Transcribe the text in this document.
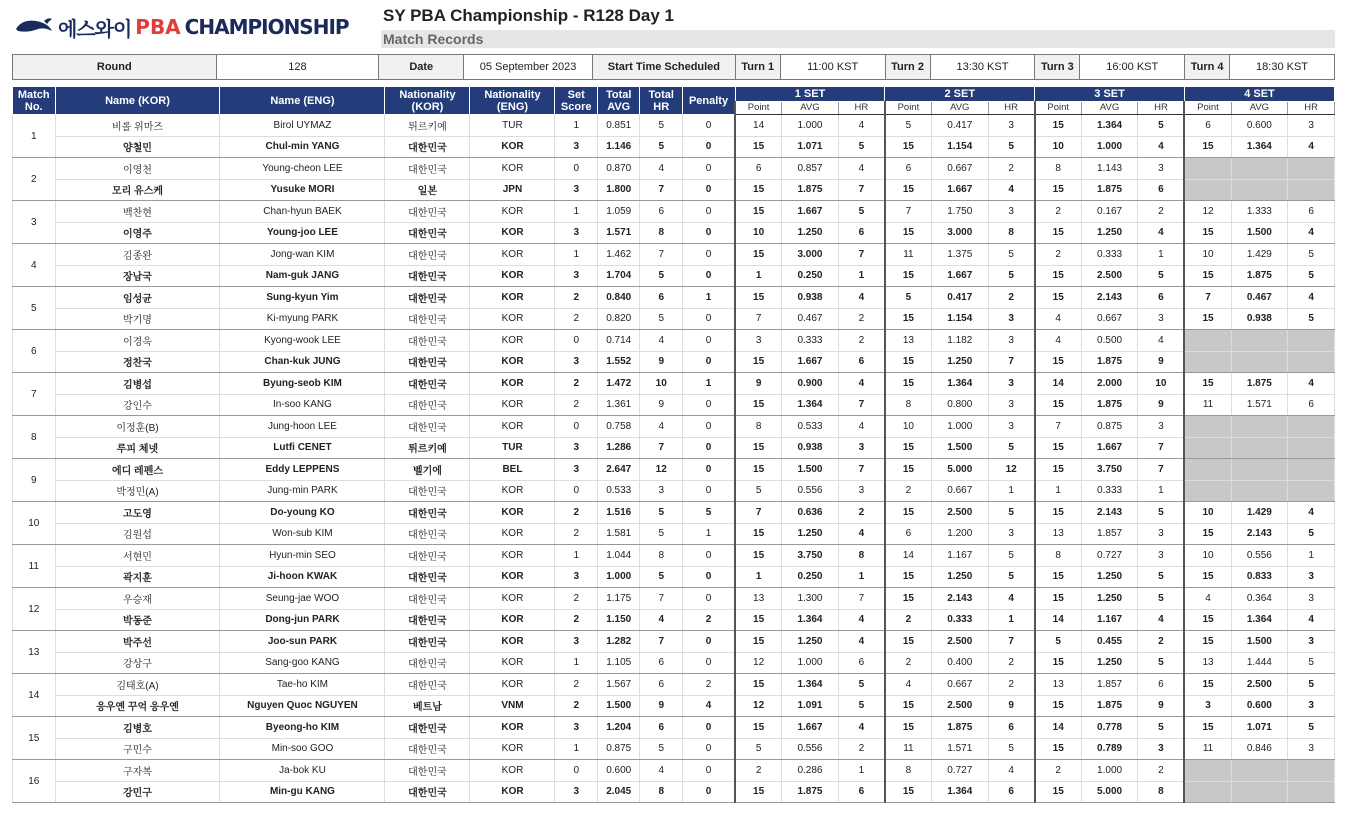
에스와이 PBA CHAMPIONSHIP SY PBA Championship - R128 Day 1
Match Records
Round	128	Date	05 September 2023	Start Time Scheduled	Turn 1	11:00 KST	Turn 2	13:30 KST	Turn 3	16:00 KST	Turn 4	18:30 KST
Match No.	Name (KOR)	Name (ENG)	Nationality (KOR)	Nationality (ENG)	Set Score	Total AVG	Total HR	Penalty	1 SET			2 SET			3 SET			4 SET		
									Point	AVG	HR	Point	AVG	HR	Point	AVG	HR	Point	AVG	HR
1	비롤 위마즈	Birol UYMAZ	튀르키예	TUR	1	0.851	5	0	14	1.000	4	5	0.417	3	15	1.364	5	6	0.600	3
	양철민	Chul-min YANG	대한민국	KOR	3	1.146	5	0	15	1.071	5	15	1.154	5	10	1.000	4	15	1.364	4
2	이영천	Young-cheon LEE	대한민국	KOR	0	0.870	4	0	6	0.857	4	6	0.667	2	8	1.143	3			
	모리 유스케	Yusuke MORI	일본	JPN	3	1.800	7	0	15	1.875	7	15	1.667	4	15	1.875	6			
3	백찬현	Chan-hyun BAEK	대한민국	KOR	1	1.059	6	0	15	1.667	5	7	1.750	3	2	0.167	2	12	1.333	6
	이영주	Young-joo LEE	대한민국	KOR	3	1.571	8	0	10	1.250	6	15	3.000	8	15	1.250	4	15	1.500	4
4	김종완	Jong-wan KIM	대한민국	KOR	1	1.462	7	0	15	3.000	7	11	1.375	5	2	0.333	1	10	1.429	5
	장남국	Nam-guk JANG	대한민국	KOR	3	1.704	5	0	1	0.250	1	15	1.667	5	15	2.500	5	15	1.875	5
5	임성균	Sung-kyun Yim	대한민국	KOR	2	0.840	6	1	15	0.938	4	5	0.417	2	15	2.143	6	7	0.467	4
	박기명	Ki-myung PARK	대한민국	KOR	2	0.820	5	0	7	0.467	2	15	1.154	3	4	0.667	3	15	0.938	5
6	이경욱	Kyong-wook LEE	대한민국	KOR	0	0.714	4	0	3	0.333	2	13	1.182	3	4	0.500	4			
	정찬국	Chan-kuk JUNG	대한민국	KOR	3	1.552	9	0	15	1.667	6	15	1.250	7	15	1.875	9			
7	김병섭	Byung-seob KIM	대한민국	KOR	2	1.472	10	1	9	0.900	4	15	1.364	3	14	2.000	10	15	1.875	4
	강인수	In-soo KANG	대한민국	KOR	2	1.361	9	0	15	1.364	7	8	0.800	3	15	1.875	9	11	1.571	6
8	이정훈(B)	Jung-hoon LEE	대한민국	KOR	0	0.758	4	0	8	0.533	4	10	1.000	3	7	0.875	3			
	루피 체넷	Lutfi CENET	튀르키예	TUR	3	1.286	7	0	15	0.938	3	15	1.500	5	15	1.667	7			
9	에디 레펜스	Eddy LEPPENS	벨기에	BEL	3	2.647	12	0	15	1.500	7	15	5.000	12	15	3.750	7			
	박정민(A)	Jung-min PARK	대한민국	KOR	0	0.533	3	0	5	0.556	3	2	0.667	1	1	0.333	1			
10	고도영	Do-young KO	대한민국	KOR	2	1.516	5	5	7	0.636	2	15	2.500	5	15	2.143	5	10	1.429	4
	김원섭	Won-sub KIM	대한민국	KOR	2	1.581	5	1	15	1.250	4	6	1.200	3	13	1.857	3	15	2.143	5
11	서현민	Hyun-min SEO	대한민국	KOR	1	1.044	8	0	15	3.750	8	14	1.167	5	8	0.727	3	10	0.556	1
	곽지훈	Ji-hoon KWAK	대한민국	KOR	3	1.000	5	0	1	0.250	1	15	1.250	5	15	1.250	5	15	0.833	3
12	우승재	Seung-jae WOO	대한민국	KOR	2	1.175	7	0	13	1.300	7	15	2.143	4	15	1.250	5	4	0.364	3
	박동준	Dong-jun PARK	대한민국	KOR	2	1.150	4	2	15	1.364	4	2	0.333	1	14	1.167	4	15	1.364	4
13	박주선	Joo-sun PARK	대한민국	KOR	3	1.282	7	0	15	1.250	4	15	2.500	7	5	0.455	2	15	1.500	3
	강상구	Sang-goo KANG	대한민국	KOR	1	1.105	6	0	12	1.000	6	2	0.400	2	15	1.250	5	13	1.444	5
14	김태호(A)	Tae-ho KIM	대한민국	KOR	2	1.567	6	2	15	1.364	5	4	0.667	2	13	1.857	6	15	2.500	5
	응우옌 꾸억 응우옌	Nguyen Quoc NGUYEN	베트남	VNM	2	1.500	9	4	12	1.091	5	15	2.500	9	15	1.875	9	3	0.600	3
15	김병호	Byeong-ho KIM	대한민국	KOR	3	1.204	6	0	15	1.667	4	15	1.875	6	14	0.778	5	15	1.071	5
	구민수	Min-soo GOO	대한민국	KOR	1	0.875	5	0	5	0.556	2	11	1.571	5	15	0.789	3	11	0.846	3
16	구자복	Ja-bok KU	대한민국	KOR	0	0.600	4	0	2	0.286	1	8	0.727	4	2	1.000	2			
	강민구	Min-gu KANG	대한민국	KOR	3	2.045	8	0	15	1.875	6	15	1.364	6	15	5.000	8			
